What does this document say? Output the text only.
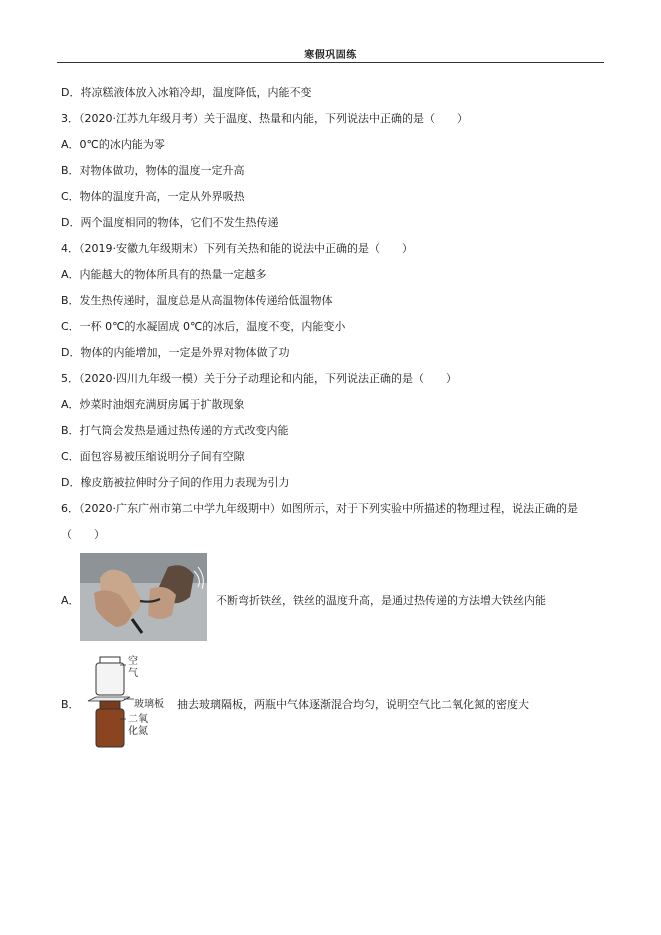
寒假巩固练
D．将凉糕液体放入冰箱冷却，温度降低，内能不变
3．（2020·江苏九年级月考）关于温度、热量和内能，下列说法中正确的是（　　）
A．0℃的冰内能为零
B．对物体做功，物体的温度一定升高
C．物体的温度升高，一定从外界吸热
D．两个温度相同的物体，它们不发生热传递
4．（2019·安徽九年级期末）下列有关热和能的说法中正确的是（　　）
A．内能越大的物体所具有的热量一定越多
B．发生热传递时，温度总是从高温物体传递给低温物体
C．一杯 0℃的水凝固成 0℃的冰后，温度不变，内能变小
D．物体的内能增加，一定是外界对物体做了功
5．（2020·四川九年级一模）关于分子动理论和内能，下列说法正确的是（　　）
A．炒菜时油烟充满厨房属于扩散现象
B．打气筒会发热是通过热传递的方式改变内能
C．面包容易被压缩说明分子间有空隙
D．橡皮筋被拉伸时分子间的作用力表现为引力
6．（2020·广东广州市第二中学九年级期中）如图所示，对于下列实验中所描述的物理过程，说法正确的是
（　　）
A．	不断弯折铁丝，铁丝的温度升高，是通过热传递的方法增大铁丝内能
B．
空气
玻璃板
二氧化氮
抽去玻璃隔板，两瓶中气体逐渐混合均匀，说明空气比二氧化氮的密度大
